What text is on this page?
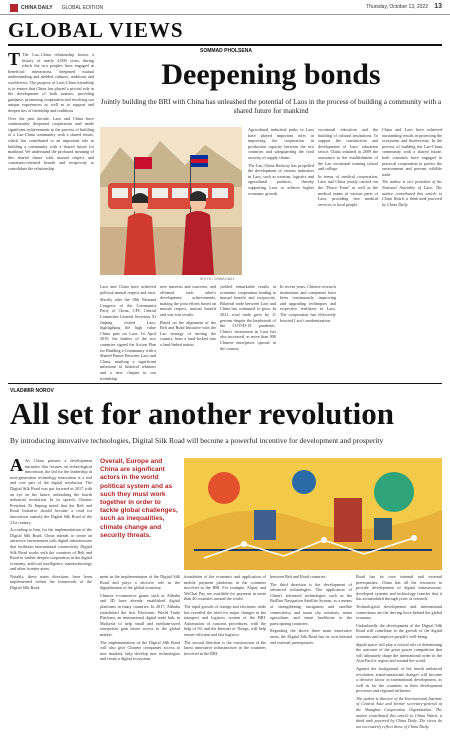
CHINA DAILY GLOBAL EDITION	Thursday, October 13, 2022 13
GLOBAL VIEWS

T The Lao–China relationship boasts a history of nearly 4,000 years, during which the two peoples have engaged in beneficial interactions, deepened mutual understanding and melded cultures, traditions and worldviews. The purpose of Laos-China friendship is to ensure that China has played a pivotal role in the development of both nations, providing guidance, promoting cooperation and resolving our unique experiences as well as to support and deepen ties of friendship and traditions.

Over the past decade, Laos and China have continuously deepened cooperation and made significant achievements in the process of building of a Lao-China community with a shared future, which has contributed to an important role in building a community with a shared future for mankind. We understand the profound meaning of this shared future with mutual respect and consensus-oriented benefit and reciprocity to consolidate the relationship.

SOMMAD PHOLSENA
Deepening bonds
Jointly building the BRI with China has unleashed the potential of Laos in the process of building a community with a shared future for mankind
SHI YU / CHINA DAILY

Laos and China have achieved political mutual respect and trust.

Shortly after the 18th National Congress of the Communist Party of China, CPC Central Committee General Secretary Xi Jinping visited Laos, highlighting the high value China puts on Laos. In April 2019, the leaders of the two countries signed the Action Plan for Building a Community with a Shared Future Between Laos and China, marking a significant milestone in bilateral relations and a new chapter in our friendship.

new interests and concerns, and affirmed each other's development achievements, making the joint efforts based on mutual respect, mutual benefit and win-win results.

Based on the alignment of the Belt and Road Initiative with the Lao strategy of turning the country from a land-locked into a land-linked nation.

yielded remarkable results in economic cooperation leading to mutual benefit and reciprocity. Bilateral trade between Laos and China has continued to grow. In 2021, total trade grew by 11 percent despite the headwinds of the COVID-19 pandemic. China's investment in Laos has also increased, as more than 900 Chinese enterprises operate in the country.

Agricultural industrial parks in Laos have played important roles in improving the cooperation in production capacity between the two countries and safeguarding the food security of supply chains.

The Lao–China Railway has propelled the development of various industries in Laos, such as tourism, logistics and agricultural products, thereby supporting Laos to achieve higher economic growth.

In recent years, Chinese research institutions and companies have been continuously improving and upgrading techniques and respective fertilizers in Laos. The cooperation has effectively boosted Laos's modernization.

vocational education and the building of cultural institutions. To support the construction and development of Laos' education sector, China initiated in 2009 the assistance to the establishment of the Lao vocational training school and college.

In terms of medical cooperation, Laos and China jointly carried out the "Peace Train" as well as the medical teams in various parts of Laos, providing free medical services to local people.

China and Laos have achieved outstanding results in protecting the ecosystem and biodiversity. In the process of building the Lao-China community with a shared future, both countries have engaged in practical cooperation to protect the environment and prevent wildlife trade.

The author is vice president of the National Assembly of Laos. The author contributed this article to China Watch, a think tank powered by China Daily.

VLADIMIR NOROV
All set for another revolution
By introducing innovative technologies, Digital Silk Road will become a powerful incentive for development and prosperity

A As China pursues a development initiative that focuses on technological innovation, the bid for the leadership in next-generation technology innovation is a real and core part of the digital revolution. The Digital Silk Road was put forward in 2017 with an eye on the future, unleashing the fourth industrial revolution. In its speech, Chinese President Xi Jinping noted that the Belt and Road Initiative should become a road for innovation, namely the Digital Silk Road of the 21st century.

According to him, for the implementation of the Digital Silk Road, China intends to create an attractive environment with digital infrastructure that facilitates international connectivity. Digital Silk Road works with the countries of Belt and Road to further deepen cooperation in the digital economy, artificial intelligence, nanotechnology and other frontier areas.

Notably, these main directions have been implemented within the framework of the Digital Silk Road.

Overall, Europe and China are significant actors in the world political system and as such they must work together in order to tackle global challenges, such as inequalities, climate change and security threats.

ment in the implementation of the Digital Silk Road and plays a decisive role in the digitalization of the global economy.

Chinese e-commerce giants such as Alibaba and JD have already established digital platforms in many countries. In 2017, Alibaba established the first Electronic World Trade Platform, an international digital trade hub, in Malaysia to help small and medium-sized enterprises gain better access to the global market.

The implementation of the Digital Silk Road will also give Chinese companies access to new markets, help develop new technologies and create a digital ecosystem.

foundation of the economic and application of mobile payment platforms in the countries involved in the BRI. For example, Alipay and WeChat Pay are available for payment in more than 40 countries around the world.

The rapid growth of foreign and electronic trade has revealed the need for major changes in the transport and logistics system of the BRI. Automation of customs procedures, with the help of 5G and the Internet of Things, will help ensure efficient and fast logistics.

The second direction is the construction of the latest innovative infrastructure in the countries involved in the BRI.

between Belt and Road countries.

The third direction is the development of advanced technologies. The application of China's advanced technologies such as the BeiDou Navigation Satellite System, as a means of strengthening navigation and satellite connectivity, and smart city solutions, smart agriculture, and smart healthcare in the participating countries.

Regarding the above three main innovative areas, the Digital Silk Road has its own internal and external prerequisites.

Road has its own internal and external prerequisites. China has all the resources to provide development of digital infrastructure, developed systems and technology transfer that it has accumulated through years of research.

Technological development and international connections are the driving force behind the global economy.

Undoubtedly the development of the Digital Silk Road will contribute to the growth of the digital economy and improve people's well-being.

digital space will play a critical role in determining the outcome of the great power competition that will ultimately shape the international order in the Asia-Pacific region and around the world.

Against the background of the fourth industrial revolution, transformational changes will become a decisive factor in international development, as well as for the countries in their development processes and regional influence.

The author is director of the International Institute of Central Asia and former secretary-general of the Shanghai Cooperation Organization. The author contributed this article to China Watch, a think tank powered by China Daily. The views do not necessarily reflect those of China Daily.
